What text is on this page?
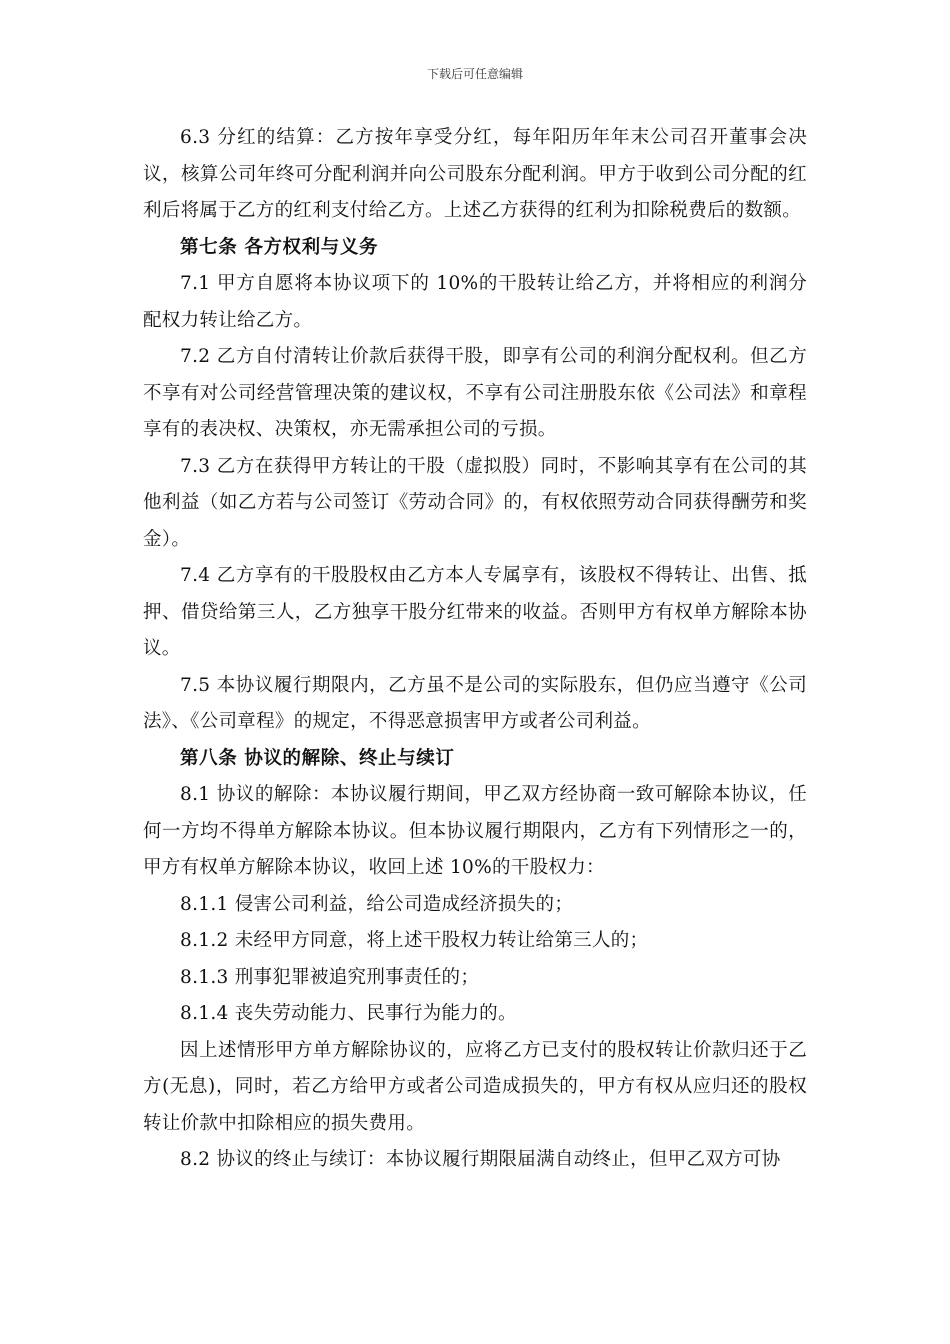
下载后可任意编辑

6.3 分红的结算：乙方按年享受分红，每年阳历年年末公司召开董事会决议，核算公司年终可分配利润并向公司股东分配利润。甲方于收到公司分配的红利后将属于乙方的红利支付给乙方。上述乙方获得的红利为扣除税费后的数额。

第七条 各方权利与义务

7.1 甲方自愿将本协议项下的 10%的干股转让给乙方，并将相应的利润分配权力转让给乙方。

7.2 乙方自付清转让价款后获得干股，即享有公司的利润分配权利。但乙方不享有对公司经营管理决策的建议权，不享有公司注册股东依《公司法》和章程享有的表决权、决策权，亦无需承担公司的亏损。

7.3 乙方在获得甲方转让的干股（虚拟股）同时，不影响其享有在公司的其他利益（如乙方若与公司签订《劳动合同》的，有权依照劳动合同获得酬劳和奖金）。

7.4 乙方享有的干股股权由乙方本人专属享有，该股权不得转让、出售、抵押、借贷给第三人，乙方独享干股分红带来的收益。否则甲方有权单方解除本协议。

7.5 本协议履行期限内，乙方虽不是公司的实际股东，但仍应当遵守《公司法》、《公司章程》的规定，不得恶意损害甲方或者公司利益。

第八条 协议的解除、终止与续订

8.1 协议的解除：本协议履行期间，甲乙双方经协商一致可解除本协议，任何一方均不得单方解除本协议。但本协议履行期限内，乙方有下列情形之一的，甲方有权单方解除本协议，收回上述 10%的干股权力：

8.1.1 侵害公司利益，给公司造成经济损失的；

8.1.2 未经甲方同意，将上述干股权力转让给第三人的；

8.1.3 刑事犯罪被追究刑事责任的；

8.1.4 丧失劳动能力、民事行为能力的。

因上述情形甲方单方解除协议的，应将乙方已支付的股权转让价款归还于乙方(无息)，同时，若乙方给甲方或者公司造成损失的，甲方有权从应归还的股权转让价款中扣除相应的损失费用。

8.2 协议的终止与续订：本协议履行期限届满自动终止，但甲乙双方可协
